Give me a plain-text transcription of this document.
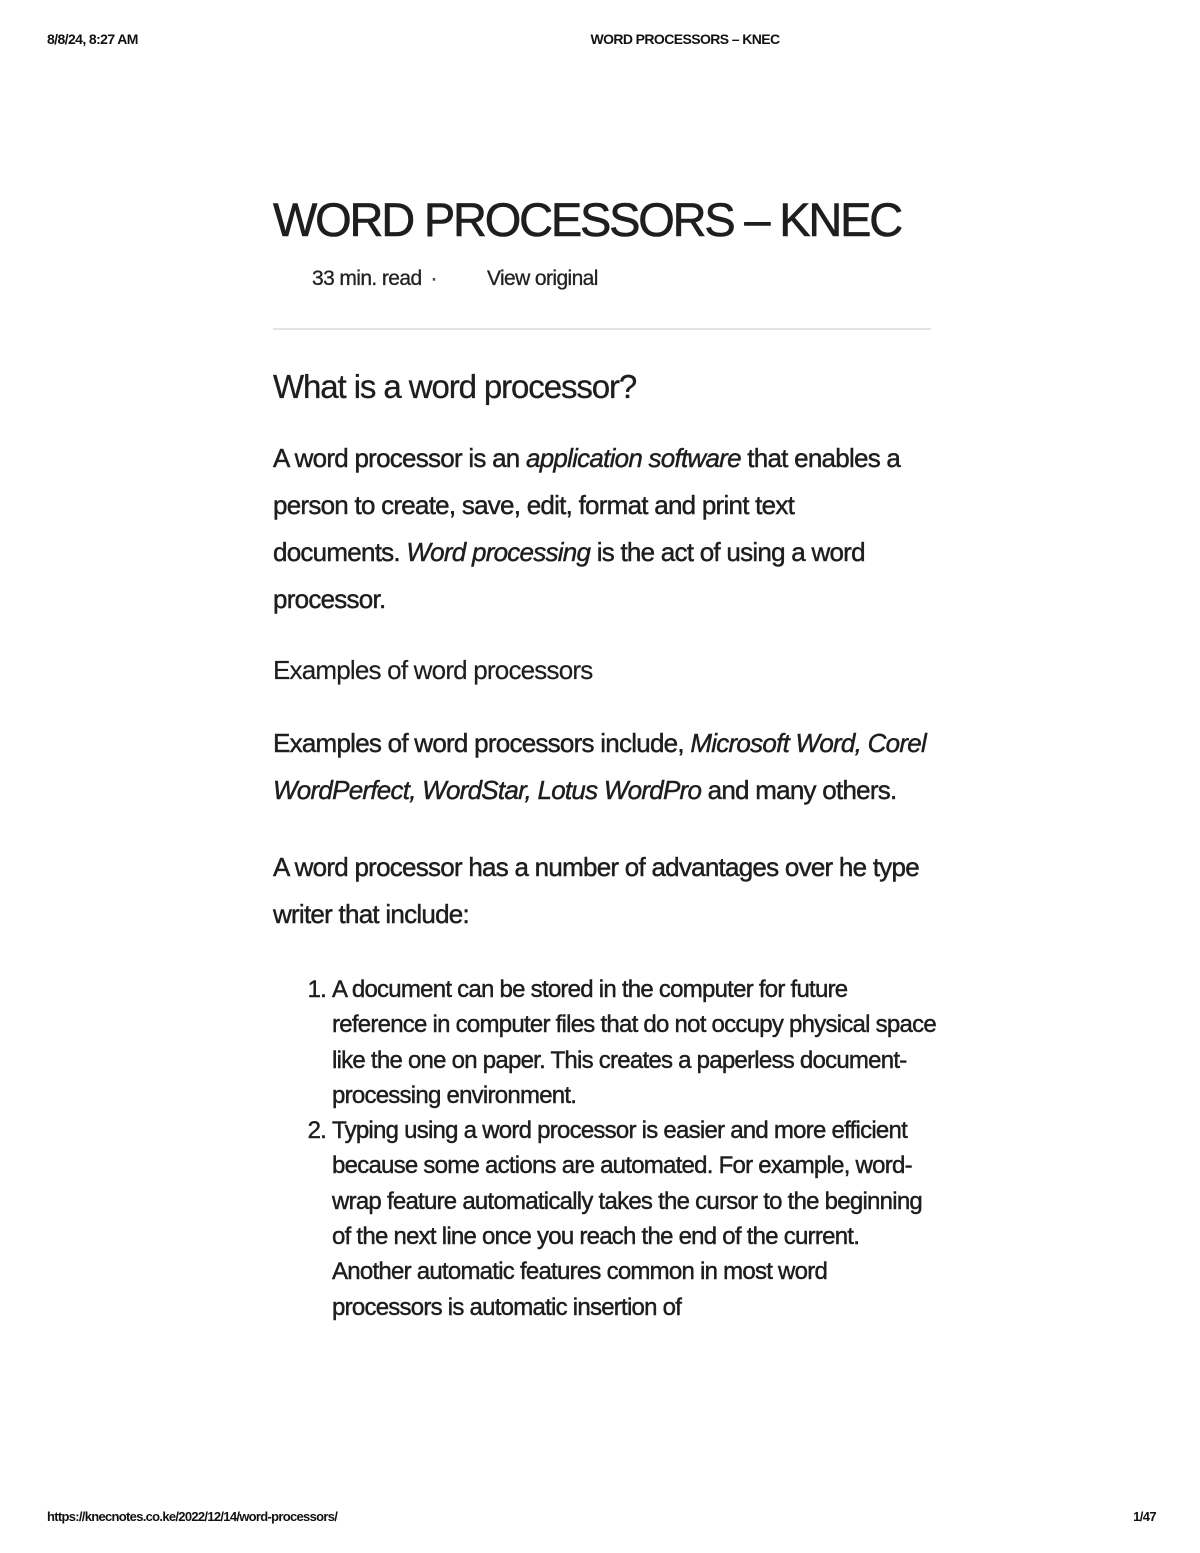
8/8/24, 8:27 AM	WORD PROCESSORS – KNEC
WORD PROCESSORS – KNEC
33 min. read · View original
What is a word processor?

A word processor is an application software that enables a person to create, save, edit, format and print text documents. Word processing is the act of using a word processor.

Examples of word processors

Examples of word processors include, Microsoft Word, Corel WordPerfect, WordStar, Lotus WordPro and many others.

A word processor has a number of advantages over he type writer that include:

1. A document can be stored in the computer for future reference in computer files that do not occupy physical space like the one on paper. This creates a paperless document-processing environment.
2. Typing using a word processor is easier and more efficient because some actions are automated. For example, word-wrap feature automatically takes the cursor to the beginning of the next line once you reach the end of the current. Another automatic features common in most word processors is automatic insertion of
https://knecnotes.co.ke/2022/12/14/word-processors/	1/47
